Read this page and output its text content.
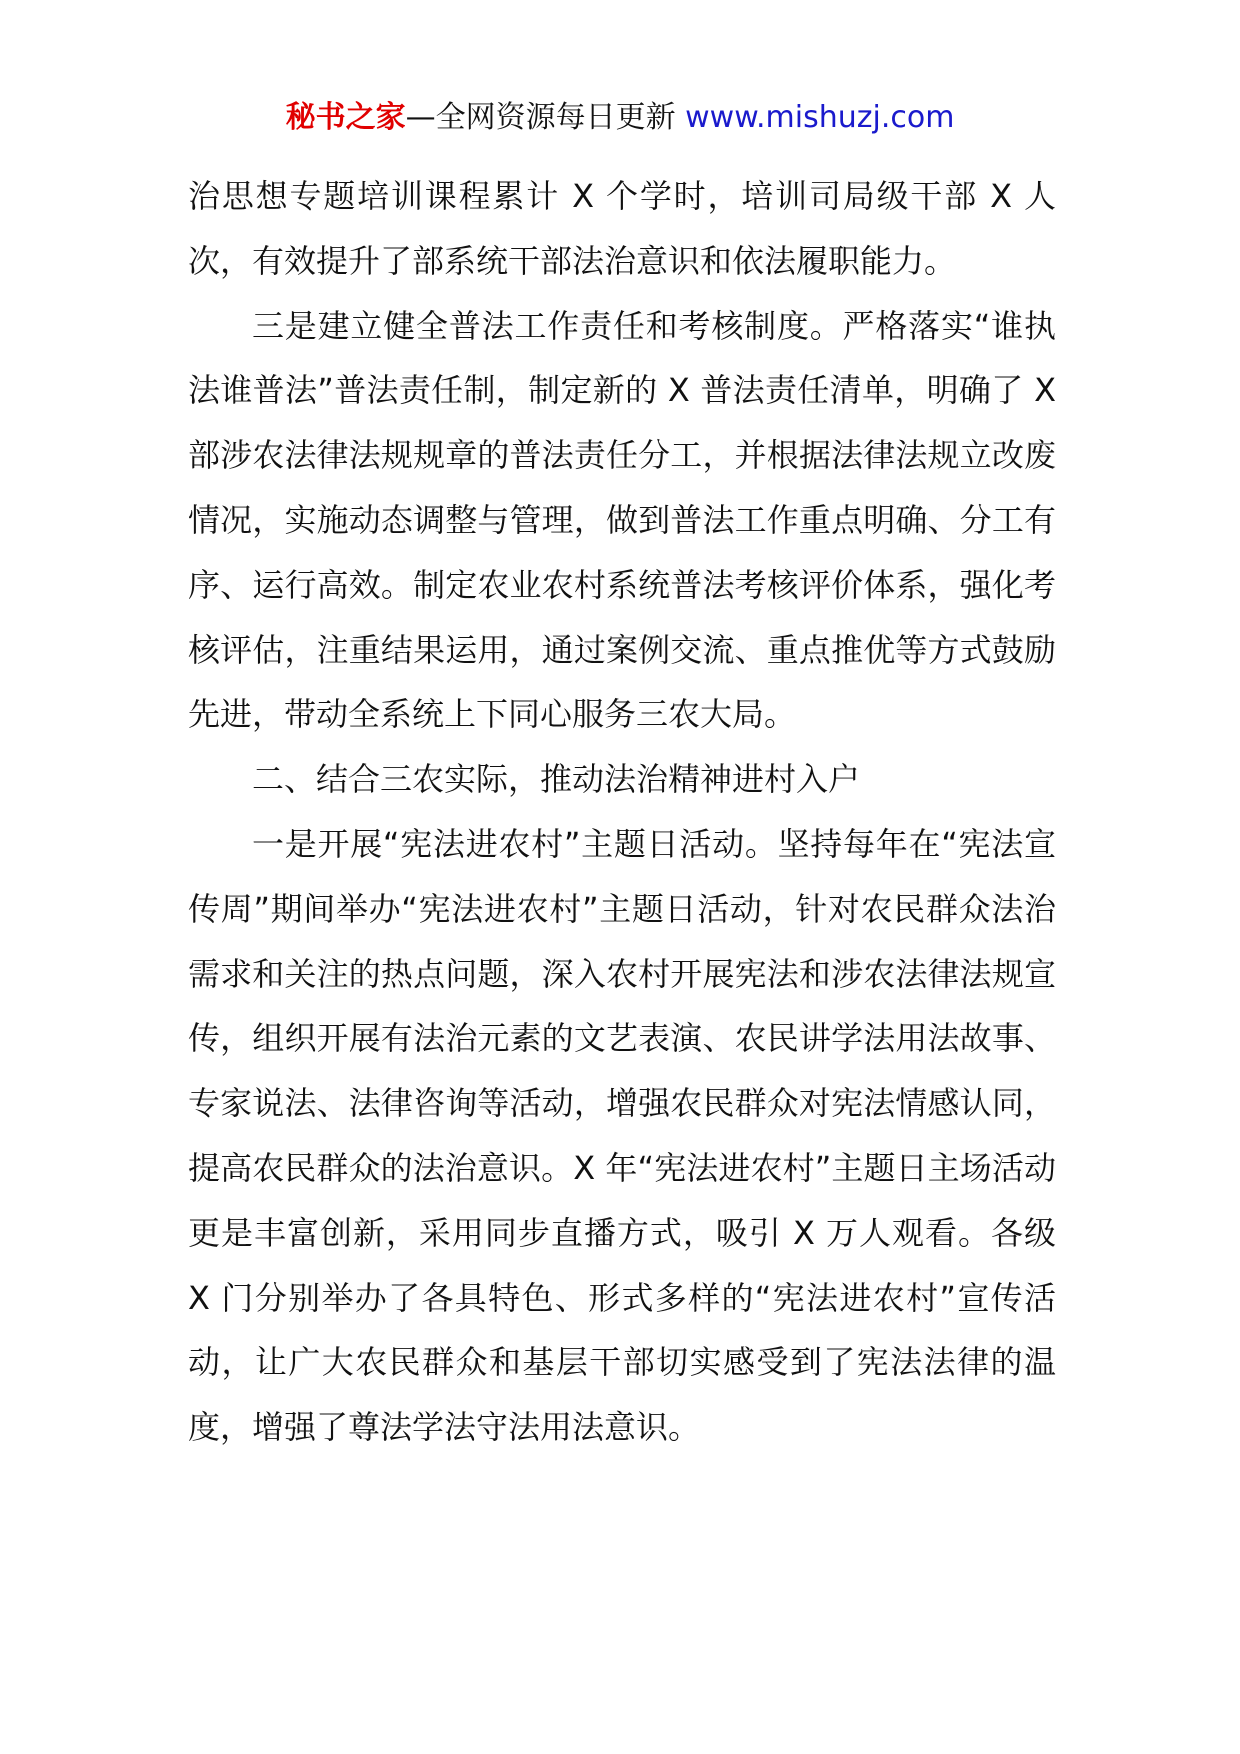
秘书之家—全网资源每日更新 www.mishuzj.com

治思想专题培训课程累计 X 个学时，培训司局级干部 X 人次，有效提升了部系统干部法治意识和依法履职能力。

三是建立健全普法工作责任和考核制度。严格落实“谁执法谁普法”普法责任制，制定新的 X 普法责任清单，明确了 X 部涉农法律法规规章的普法责任分工，并根据法律法规立改废情况，实施动态调整与管理，做到普法工作重点明确、分工有序、运行高效。制定农业农村系统普法考核评价体系，强化考核评估，注重结果运用，通过案例交流、重点推优等方式鼓励先进，带动全系统上下同心服务三农大局。

二、结合三农实际，推动法治精神进村入户

一是开展“宪法进农村”主题日活动。坚持每年在“宪法宣传周”期间举办“宪法进农村”主题日活动，针对农民群众法治需求和关注的热点问题，深入农村开展宪法和涉农法律法规宣传，组织开展有法治元素的文艺表演、农民讲学法用法故事、专家说法、法律咨询等活动，增强农民群众对宪法情感认同，提高农民群众的法治意识。X 年“宪法进农村”主题日主场活动更是丰富创新，采用同步直播方式，吸引 X 万人观看。各级 X 门分别举办了各具特色、形式多样的“宪法进农村”宣传活动，让广大农民群众和基层干部切实感受到了宪法法律的温度，增强了尊法学法守法用法意识。
